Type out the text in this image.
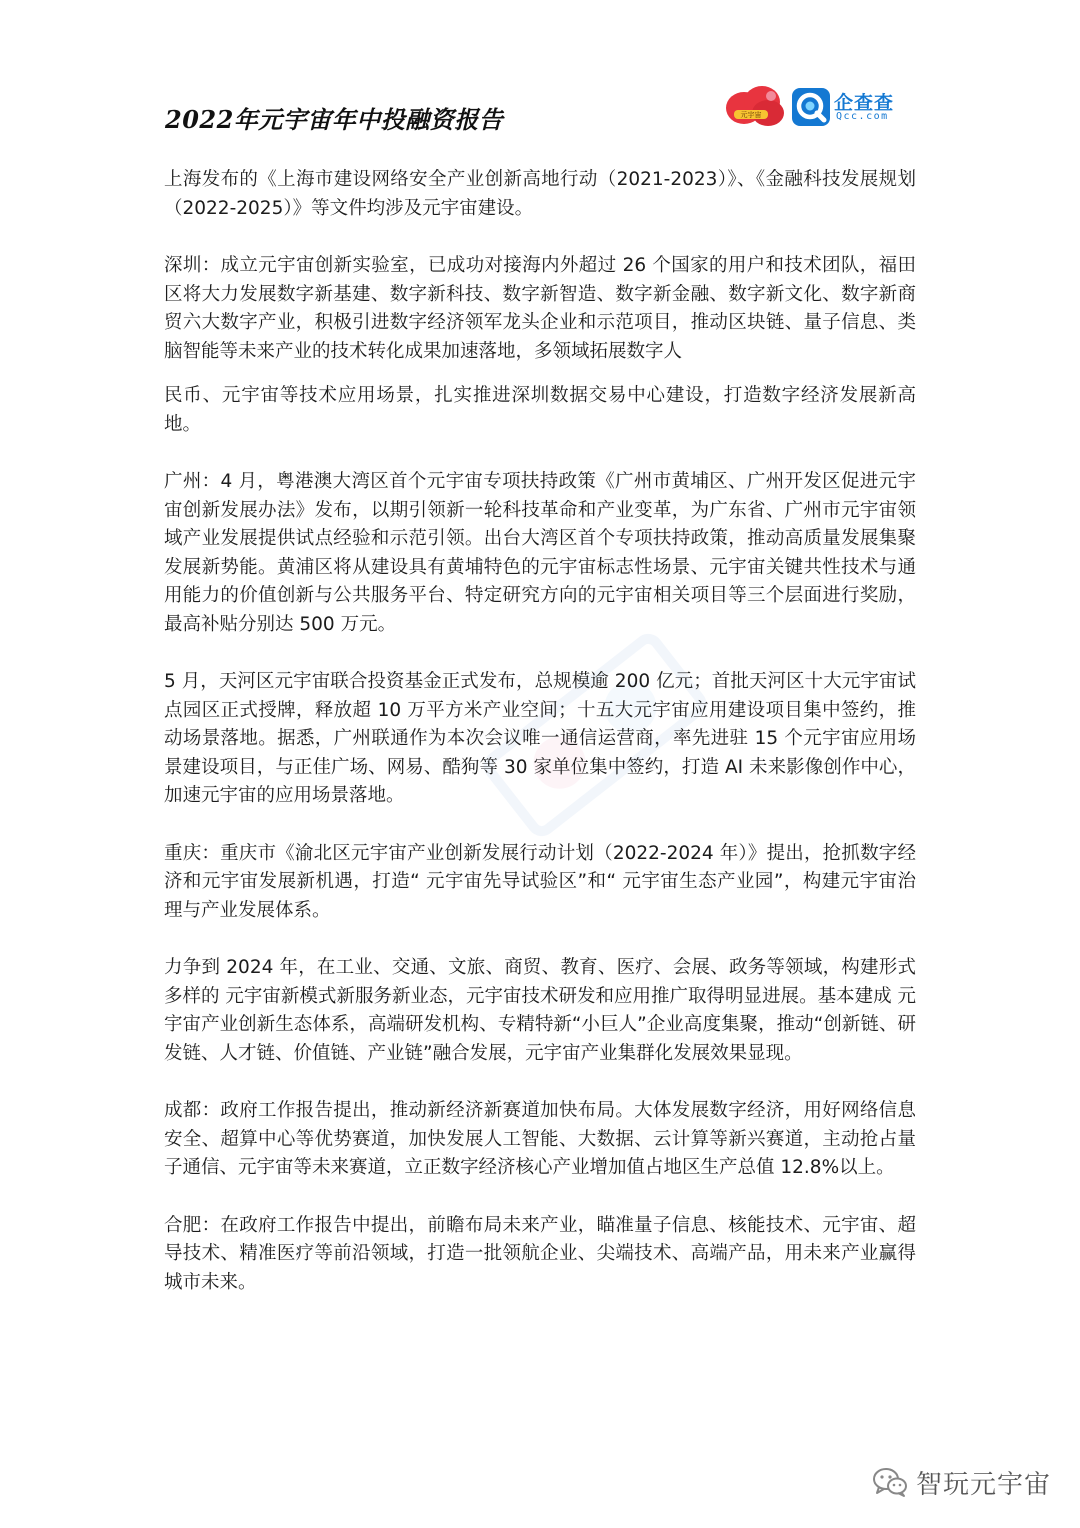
2022年元宇宙年中投融资报告	元宇宙
企查查
Qcc.com

上海发布的《上海市建设网络安全产业创新高地行动（2021-2023）》、《金融科技发展规划（2022-2025）》等文件均涉及元宇宙建设。

深圳：成立元宇宙创新实验室，已成功对接海内外超过 26 个国家的用户和技术团队，福田区将大力发展数字新基建、数字新科技、数字新智造、数字新金融、数字新文化、数字新商贸六大数字产业，积极引进数字经济领军龙头企业和示范项目，推动区块链、量子信息、类脑智能等未来产业的技术转化成果加速落地，多领域拓展数字人

民币、元宇宙等技术应用场景，扎实推进深圳数据交易中心建设，打造数字经济发展新高地。

广州：4 月，粤港澳大湾区首个元宇宙专项扶持政策《广州市黄埔区、广州开发区促进元宇宙创新发展办法》发布，以期引领新一轮科技革命和产业变革，为广东省、广州市元宇宙领域产业发展提供试点经验和示范引领。出台大湾区首个专项扶持政策，推动高质量发展集聚发展新势能。黄浦区将从建设具有黄埔特色的元宇宙标志性场景、元宇宙关键共性技术与通用能力的价值创新与公共服务平台、特定研究方向的元宇宙相关项目等三个层面进行奖励，最高补贴分别达 500 万元。

5 月，天河区元宇宙联合投资基金正式发布，总规模逾 200 亿元；首批天河区十大元宇宙试点园区正式授牌，释放超 10 万平方米产业空间；十五大元宇宙应用建设项目集中签约，推动场景落地。据悉，广州联通作为本次会议唯一通信运营商，率先进驻 15 个元宇宙应用场景建设项目，与正佳广场、网易、酷狗等 30 家单位集中签约，打造 AI 未来影像创作中心，加速元宇宙的应用场景落地。

重庆：重庆市《渝北区元宇宙产业创新发展行动计划（2022-2024 年）》提出，抢抓数字经济和元宇宙发展新机遇，打造“ 元宇宙先导试验区”和“ 元宇宙生态产业园”，构建元宇宙治理与产业发展体系。

力争到 2024 年，在工业、交通、文旅、商贸、教育、医疗、会展、政务等领域，构建形式多样的 元宇宙新模式新服务新业态，元宇宙技术研发和应用推广取得明显进展。基本建成 元宇宙产业创新生态体系，高端研发机构、专精特新“小巨人”企业高度集聚，推动“创新链、研发链、人才链、价值链、产业链”融合发展，元宇宙产业集群化发展效果显现。

成都：政府工作报告提出，推动新经济新赛道加快布局。大体发展数字经济，用好网络信息安全、超算中心等优势赛道，加快发展人工智能、大数据、云计算等新兴赛道，主动抢占量子通信、元宇宙等未来赛道，立正数字经济核心产业增加值占地区生产总值 12.8%以上。

合肥：在政府工作报告中提出，前瞻布局未来产业，瞄准量子信息、核能技术、元宇宙、超导技术、精准医疗等前沿领域，打造一批领航企业、尖端技术、高端产品，用未来产业赢得城市未来。

智玩元宇宙
